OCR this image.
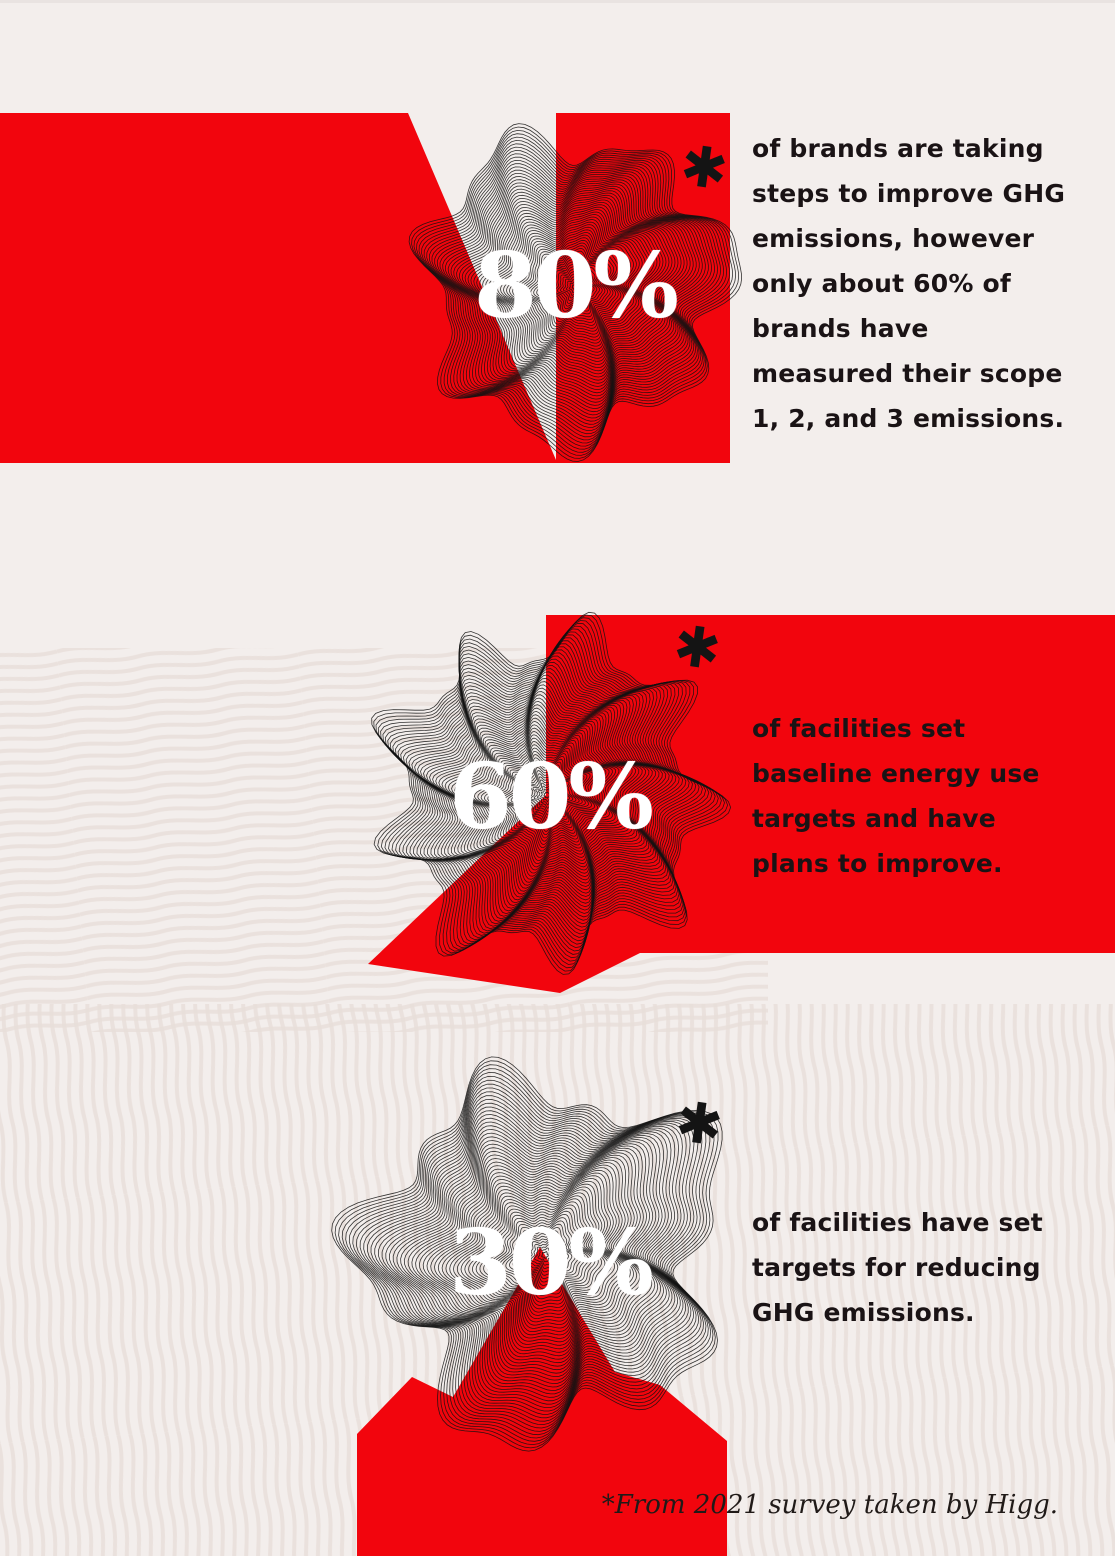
✱
80%
of brands are taking
steps to improve GHG
emissions, however
only about 60% of
brands have
measured their scope
1, 2, and 3 emissions.
✱
60%
of facilities set
baseline energy use
targets and have
plans to improve.
✱
30%	of facilities have set
targets for reducing
GHG emissions.
*From 2021 survey taken by Higg.
